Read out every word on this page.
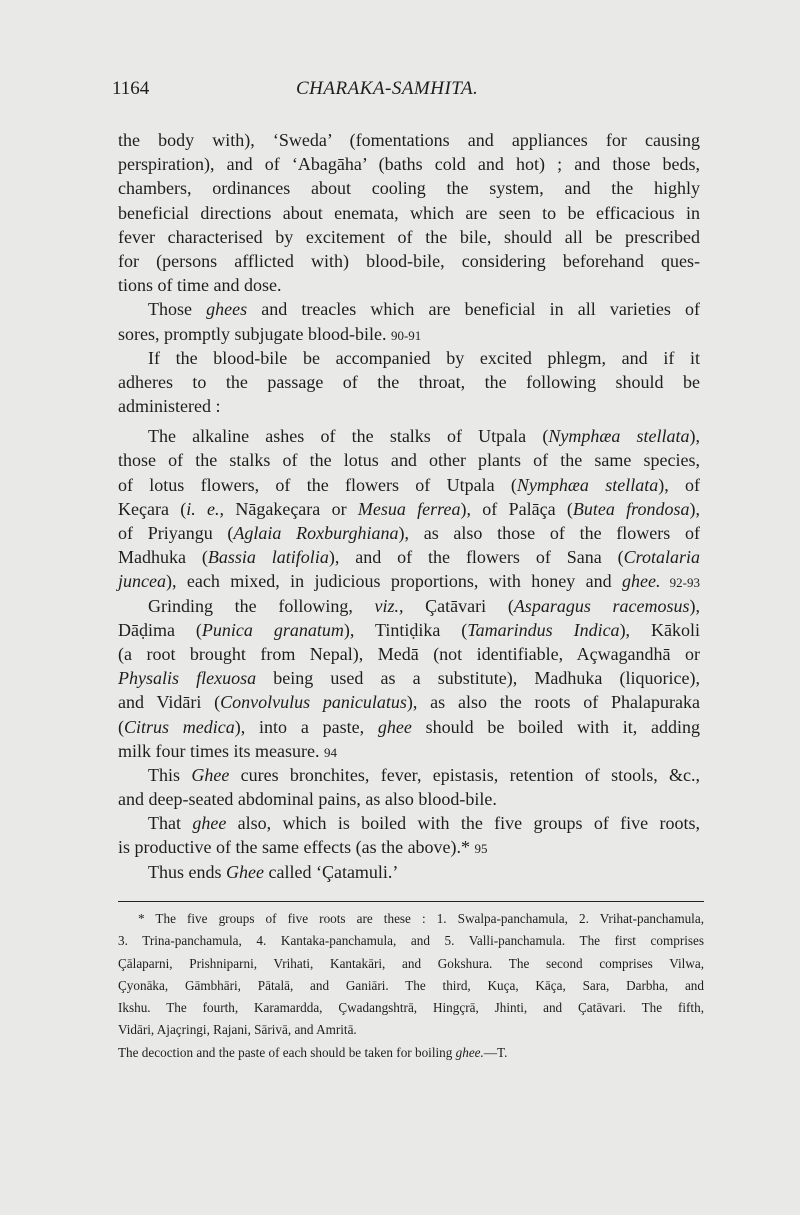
1164	CHARAKA-SAMHITA.
the body with), ‘Sweda’ (fomentations and appliances for causing
perspiration), and of ‘Abagāha’ (baths cold and hot) ; and those beds,
chambers, ordinances about cooling the system, and the highly
beneficial directions about enemata, which are seen to be efficacious in
fever characterised by excitement of the bile, should all be prescribed
for (persons afflicted with) blood-bile, considering beforehand ques-
tions of time and dose.
Those ghees and treacles which are beneficial in all varieties of
sores, promptly subjugate blood-bile. 90-91
If the blood-bile be accompanied by excited phlegm, and if it
adheres to the passage of the throat, the following should be
administered :
The alkaline ashes of the stalks of Utpala (Nymphæa stellata),
those of the stalks of the lotus and other plants of the same species,
of lotus flowers, of the flowers of Utpala (Nymphæa stellata), of
Keçara (i. e., Nāgakeçara or Mesua ferrea), of Palāça (Butea frondosa),
of Priyangu (Aglaia Roxburghiana), as also those of the flowers of
Madhuka (Bassia latifolia), and of the flowers of Sana (Crotalaria
juncea), each mixed, in judicious proportions, with honey and ghee. 92-93
Grinding the following, viz., Çatāvari (Asparagus racemosus),
Dāḍima (Punica granatum), Tintiḍika (Tamarindus Indica), Kākoli
(a root brought from Nepal), Medā (not identifiable, Açwagandhā or
Physalis flexuosa being used as a substitute), Madhuka (liquorice),
and Vidāri (Convolvulus paniculatus), as also the roots of Phalapuraka
(Citrus medica), into a paste, ghee should be boiled with it, adding
milk four times its measure. 94
This Ghee cures bronchites, fever, epistasis, retention of stools, &c.,
and deep-seated abdominal pains, as also blood-bile.
That ghee also, which is boiled with the five groups of five roots,
is productive of the same effects (as the above).* 95
Thus ends Ghee called ‘Çatamuli.’
* The five groups of five roots are these : 1. Swalpa-panchamula, 2. Vrihat-panchamula,
3. Trina-panchamula, 4. Kantaka-panchamula, and 5. Valli-panchamula. The first comprises
Çālaparni, Prishniparni, Vrihati, Kantakāri, and Gokshura. The second comprises Vilwa,
Çyonāka, Gāmbhāri, Pātalā, and Ganiāri. The third, Kuça, Kāça, Sara, Darbha, and
Ikshu. The fourth, Karamardda, Çwadangshtrā, Hingçrā, Jhinti, and Çatāvari. The fifth,
Vidāri, Ajaçringi, Rajani, Sārivā, and Amritā.
The decoction and the paste of each should be taken for boiling ghee.—T.
